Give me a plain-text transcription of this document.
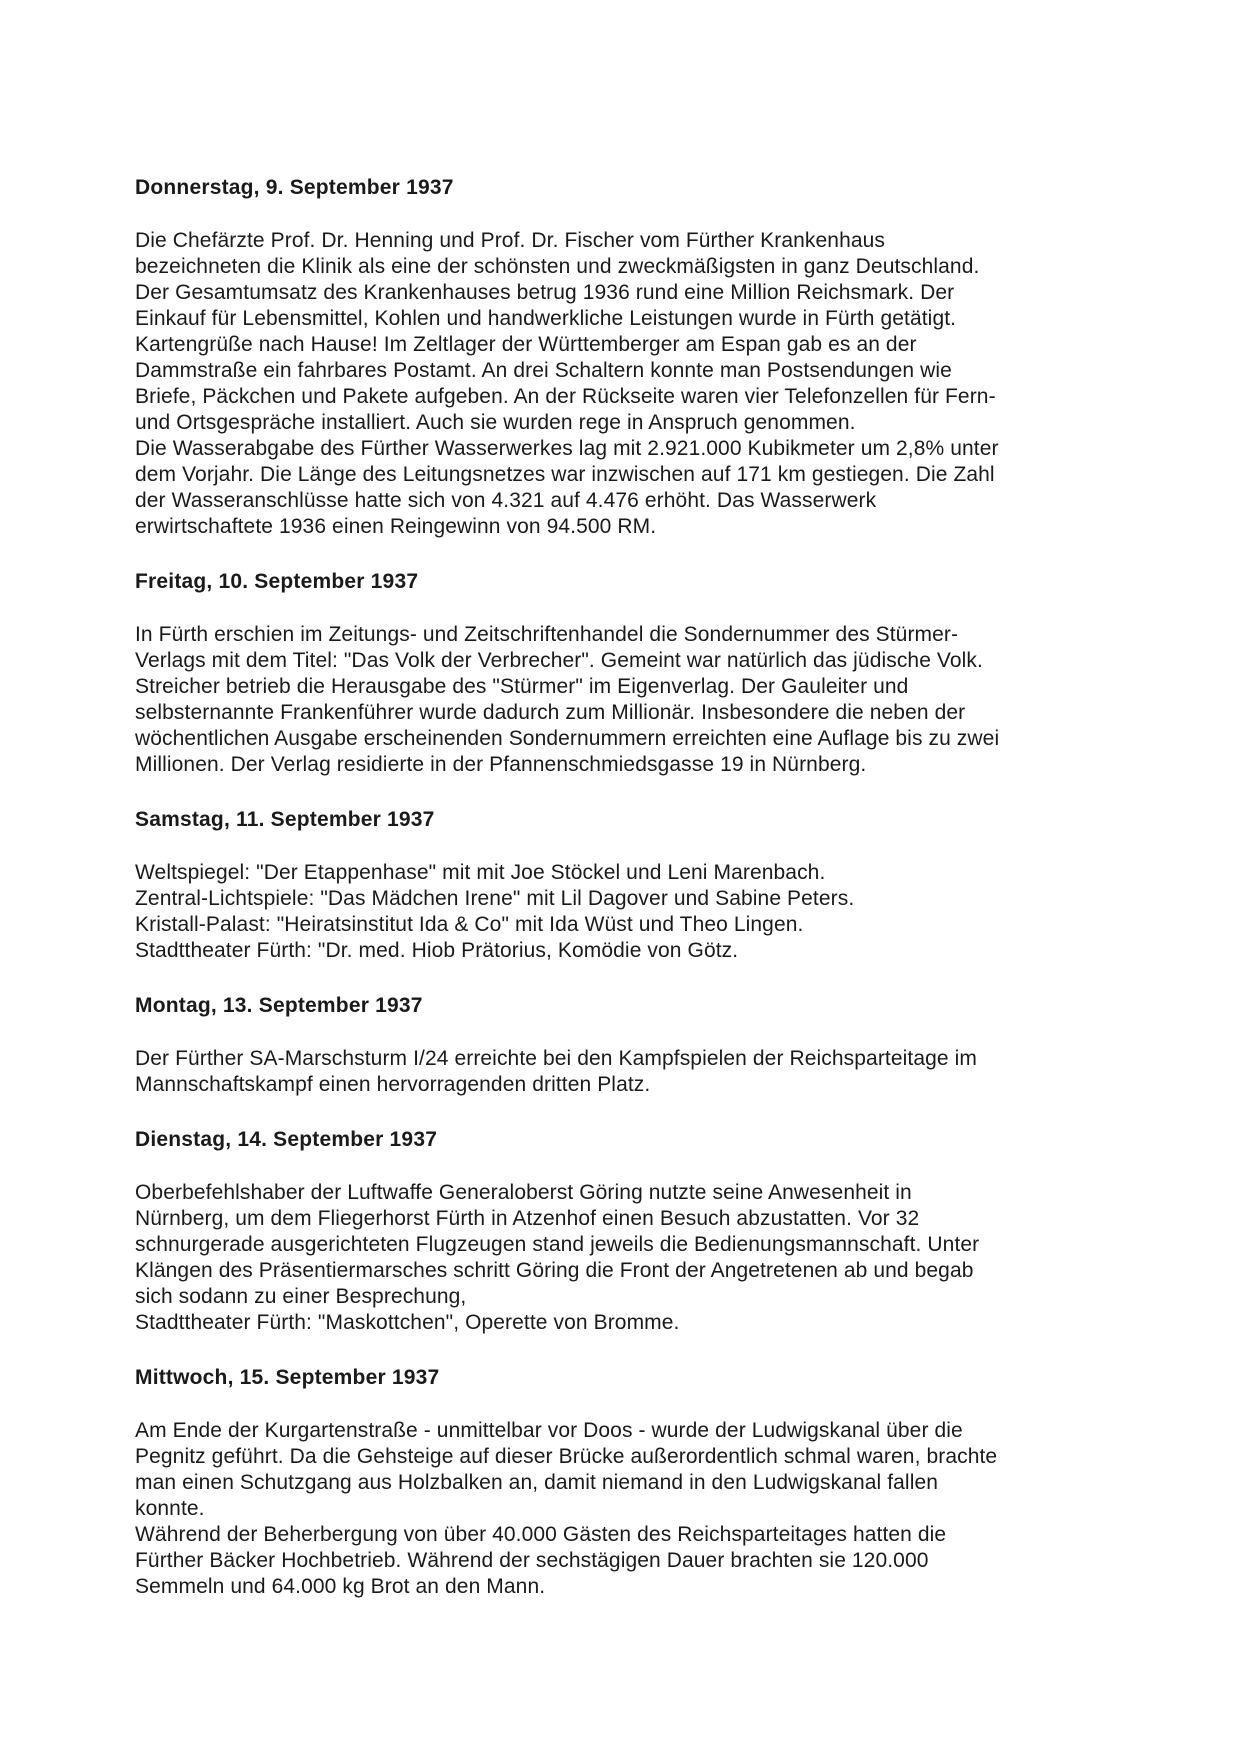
Donnerstag, 9. September 1937
Die Chefärzte Prof. Dr. Henning und Prof. Dr. Fischer vom Fürther Krankenhaus
bezeichneten die Klinik als eine der schönsten und zweckmäßigsten in ganz Deutschland.
Der Gesamtumsatz des Krankenhauses betrug 1936 rund eine Million Reichsmark. Der
Einkauf für Lebensmittel, Kohlen und handwerkliche Leistungen wurde in Fürth getätigt.
Kartengrüße nach Hause! Im Zeltlager der Württemberger am Espan gab es an der
Dammstraße ein fahrbares Postamt. An drei Schaltern konnte man Postsendungen wie
Briefe, Päckchen und Pakete aufgeben. An der Rückseite waren vier Telefonzellen für Fern-
und Ortsgespräche installiert. Auch sie wurden rege in Anspruch genommen.
Die Wasserabgabe des Fürther Wasserwerkes lag mit 2.921.000 Kubikmeter um 2,8% unter
dem Vorjahr. Die Länge des Leitungsnetzes war inzwischen auf 171 km gestiegen. Die Zahl
der Wasseranschlüsse hatte sich von 4.321 auf 4.476 erhöht. Das Wasserwerk
erwirtschaftete 1936 einen Reingewinn von 94.500 RM.
Freitag, 10. September 1937
In Fürth erschien im Zeitungs- und Zeitschriftenhandel die Sondernummer des Stürmer-
Verlags mit dem Titel: "Das Volk der Verbrecher". Gemeint war natürlich das jüdische Volk.
Streicher betrieb die Herausgabe des "Stürmer" im Eigenverlag. Der Gauleiter und
selbsternannte Frankenführer wurde dadurch zum Millionär. Insbesondere die neben der
wöchentlichen Ausgabe erscheinenden Sondernummern erreichten eine Auflage bis zu zwei
Millionen. Der Verlag residierte in der Pfannenschmiedsgasse 19 in Nürnberg.
Samstag, 11. September 1937
Weltspiegel: "Der Etappenhase" mit mit Joe Stöckel und Leni Marenbach.
Zentral-Lichtspiele: "Das Mädchen Irene" mit Lil Dagover und Sabine Peters.
Kristall-Palast: "Heiratsinstitut Ida & Co" mit Ida Wüst und Theo Lingen.
Stadttheater Fürth: "Dr. med. Hiob Prätorius, Komödie von Götz.
Montag, 13. September 1937
Der Fürther SA-Marschsturm I/24 erreichte bei den Kampfspielen der Reichsparteitage im
Mannschaftskampf einen hervorragenden dritten Platz.
Dienstag, 14. September 1937
Oberbefehlshaber der Luftwaffe Generaloberst Göring nutzte seine Anwesenheit in
Nürnberg, um dem Fliegerhorst Fürth in Atzenhof einen Besuch abzustatten. Vor 32
schnurgerade ausgerichteten Flugzeugen stand jeweils die Bedienungsmannschaft. Unter
Klängen des Präsentiermarsches schritt Göring die Front der Angetretenen ab und begab
sich sodann zu einer Besprechung,
Stadttheater Fürth: "Maskottchen", Operette von Bromme.
Mittwoch, 15. September 1937
Am Ende der Kurgartenstraße - unmittelbar vor Doos - wurde der Ludwigskanal über die
Pegnitz geführt. Da die Gehsteige auf dieser Brücke außerordentlich schmal waren, brachte
man einen Schutzgang aus Holzbalken an, damit niemand in den Ludwigskanal fallen
konnte.
Während der Beherbergung von über 40.000 Gästen des Reichsparteitages hatten die
Fürther Bäcker Hochbetrieb. Während der sechstägigen Dauer brachten sie 120.000
Semmeln und 64.000 kg Brot an den Mann.
